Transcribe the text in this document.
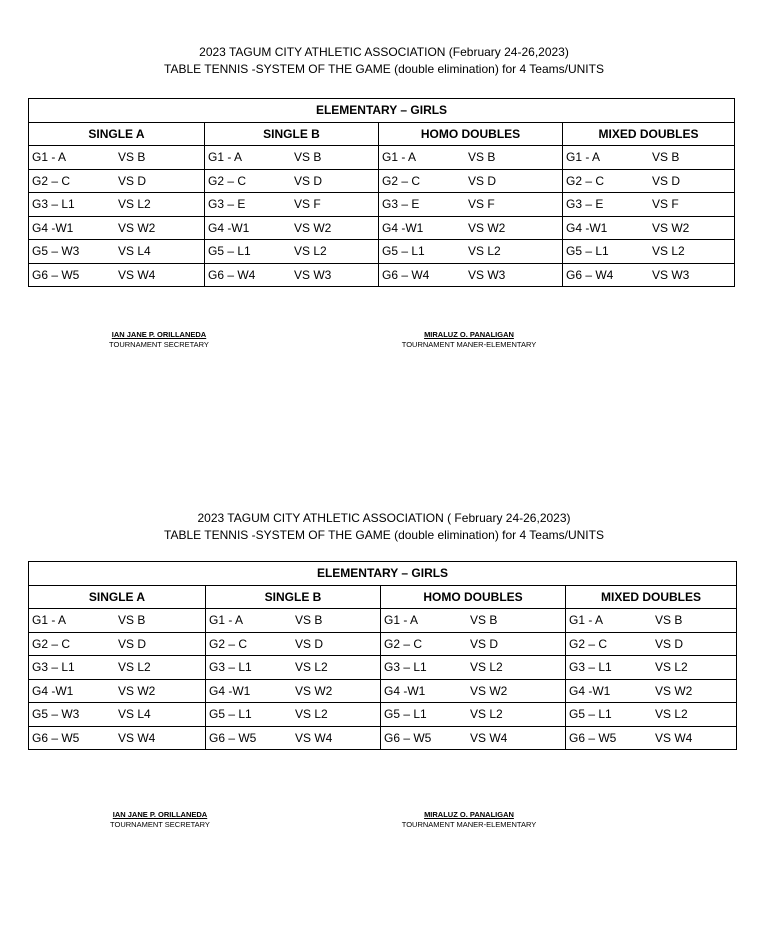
2023 TAGUM CITY ATHLETIC ASSOCIATION (February 24-26,2023)
TABLE TENNIS -SYSTEM OF THE GAME (double elimination) for 4 Teams/UNITS
ELEMENTARY – GIRLS			
SINGLE A	SINGLE B	HOMO DOUBLES	MIXED DOUBLES

G1 - A VS B	G1 - A VS B	G1 - A VS B	G1 - A VS B

G2 – C VS D	G2 – C VS D	G2 – C VS D	G2 – C VS D

G3 – L1 VS L2	G3 – E VS F	G3 – E VS F	G3 – E VS F

G4 -W1 VS W2	G4 -W1 VS W2	G4 -W1 VS W2	G4 -W1 VS W2

G5 – W3 VS L4	G5 – L1 VS L2	G5 – L1 VS L2	G5 – L1 VS L2

G6 – W5 VS W4	G6 – W4 VS W3	G6 – W4 VS W3	G6 – W4 VS W3
IAN JANE P. ORILLANEDA
TOURNAMENT SECRETARY
MIRALUZ O. PANALIGAN
TOURNAMENT MANER-ELEMENTARY
2023 TAGUM CITY ATHLETIC ASSOCIATION ( February 24-26,2023)
TABLE TENNIS -SYSTEM OF THE GAME (double elimination) for 4 Teams/UNITS
ELEMENTARY – GIRLS			
SINGLE A	SINGLE B	HOMO DOUBLES	MIXED DOUBLES

G1 - A VS B	G1 - A VS B	G1 - A VS B	G1 - A VS B

G2 – C VS D	G2 – C VS D	G2 – C VS D	G2 – C VS D

G3 – L1 VS L2	G3 – L1 VS L2	G3 – L1 VS L2	G3 – L1 VS L2

G4 -W1 VS W2	G4 -W1 VS W2	G4 -W1 VS W2	G4 -W1 VS W2

G5 – W3 VS L4	G5 – L1 VS L2	G5 – L1 VS L2	G5 – L1 VS L2

G6 – W5 VS W4	G6 – W5 VS W4	G6 – W5 VS W4	G6 – W5 VS W4
IAN JANE P. ORILLANEDA
TOURNAMENT SECRETARY
MIRALUZ O. PANALIGAN
TOURNAMENT MANER-ELEMENTARY
